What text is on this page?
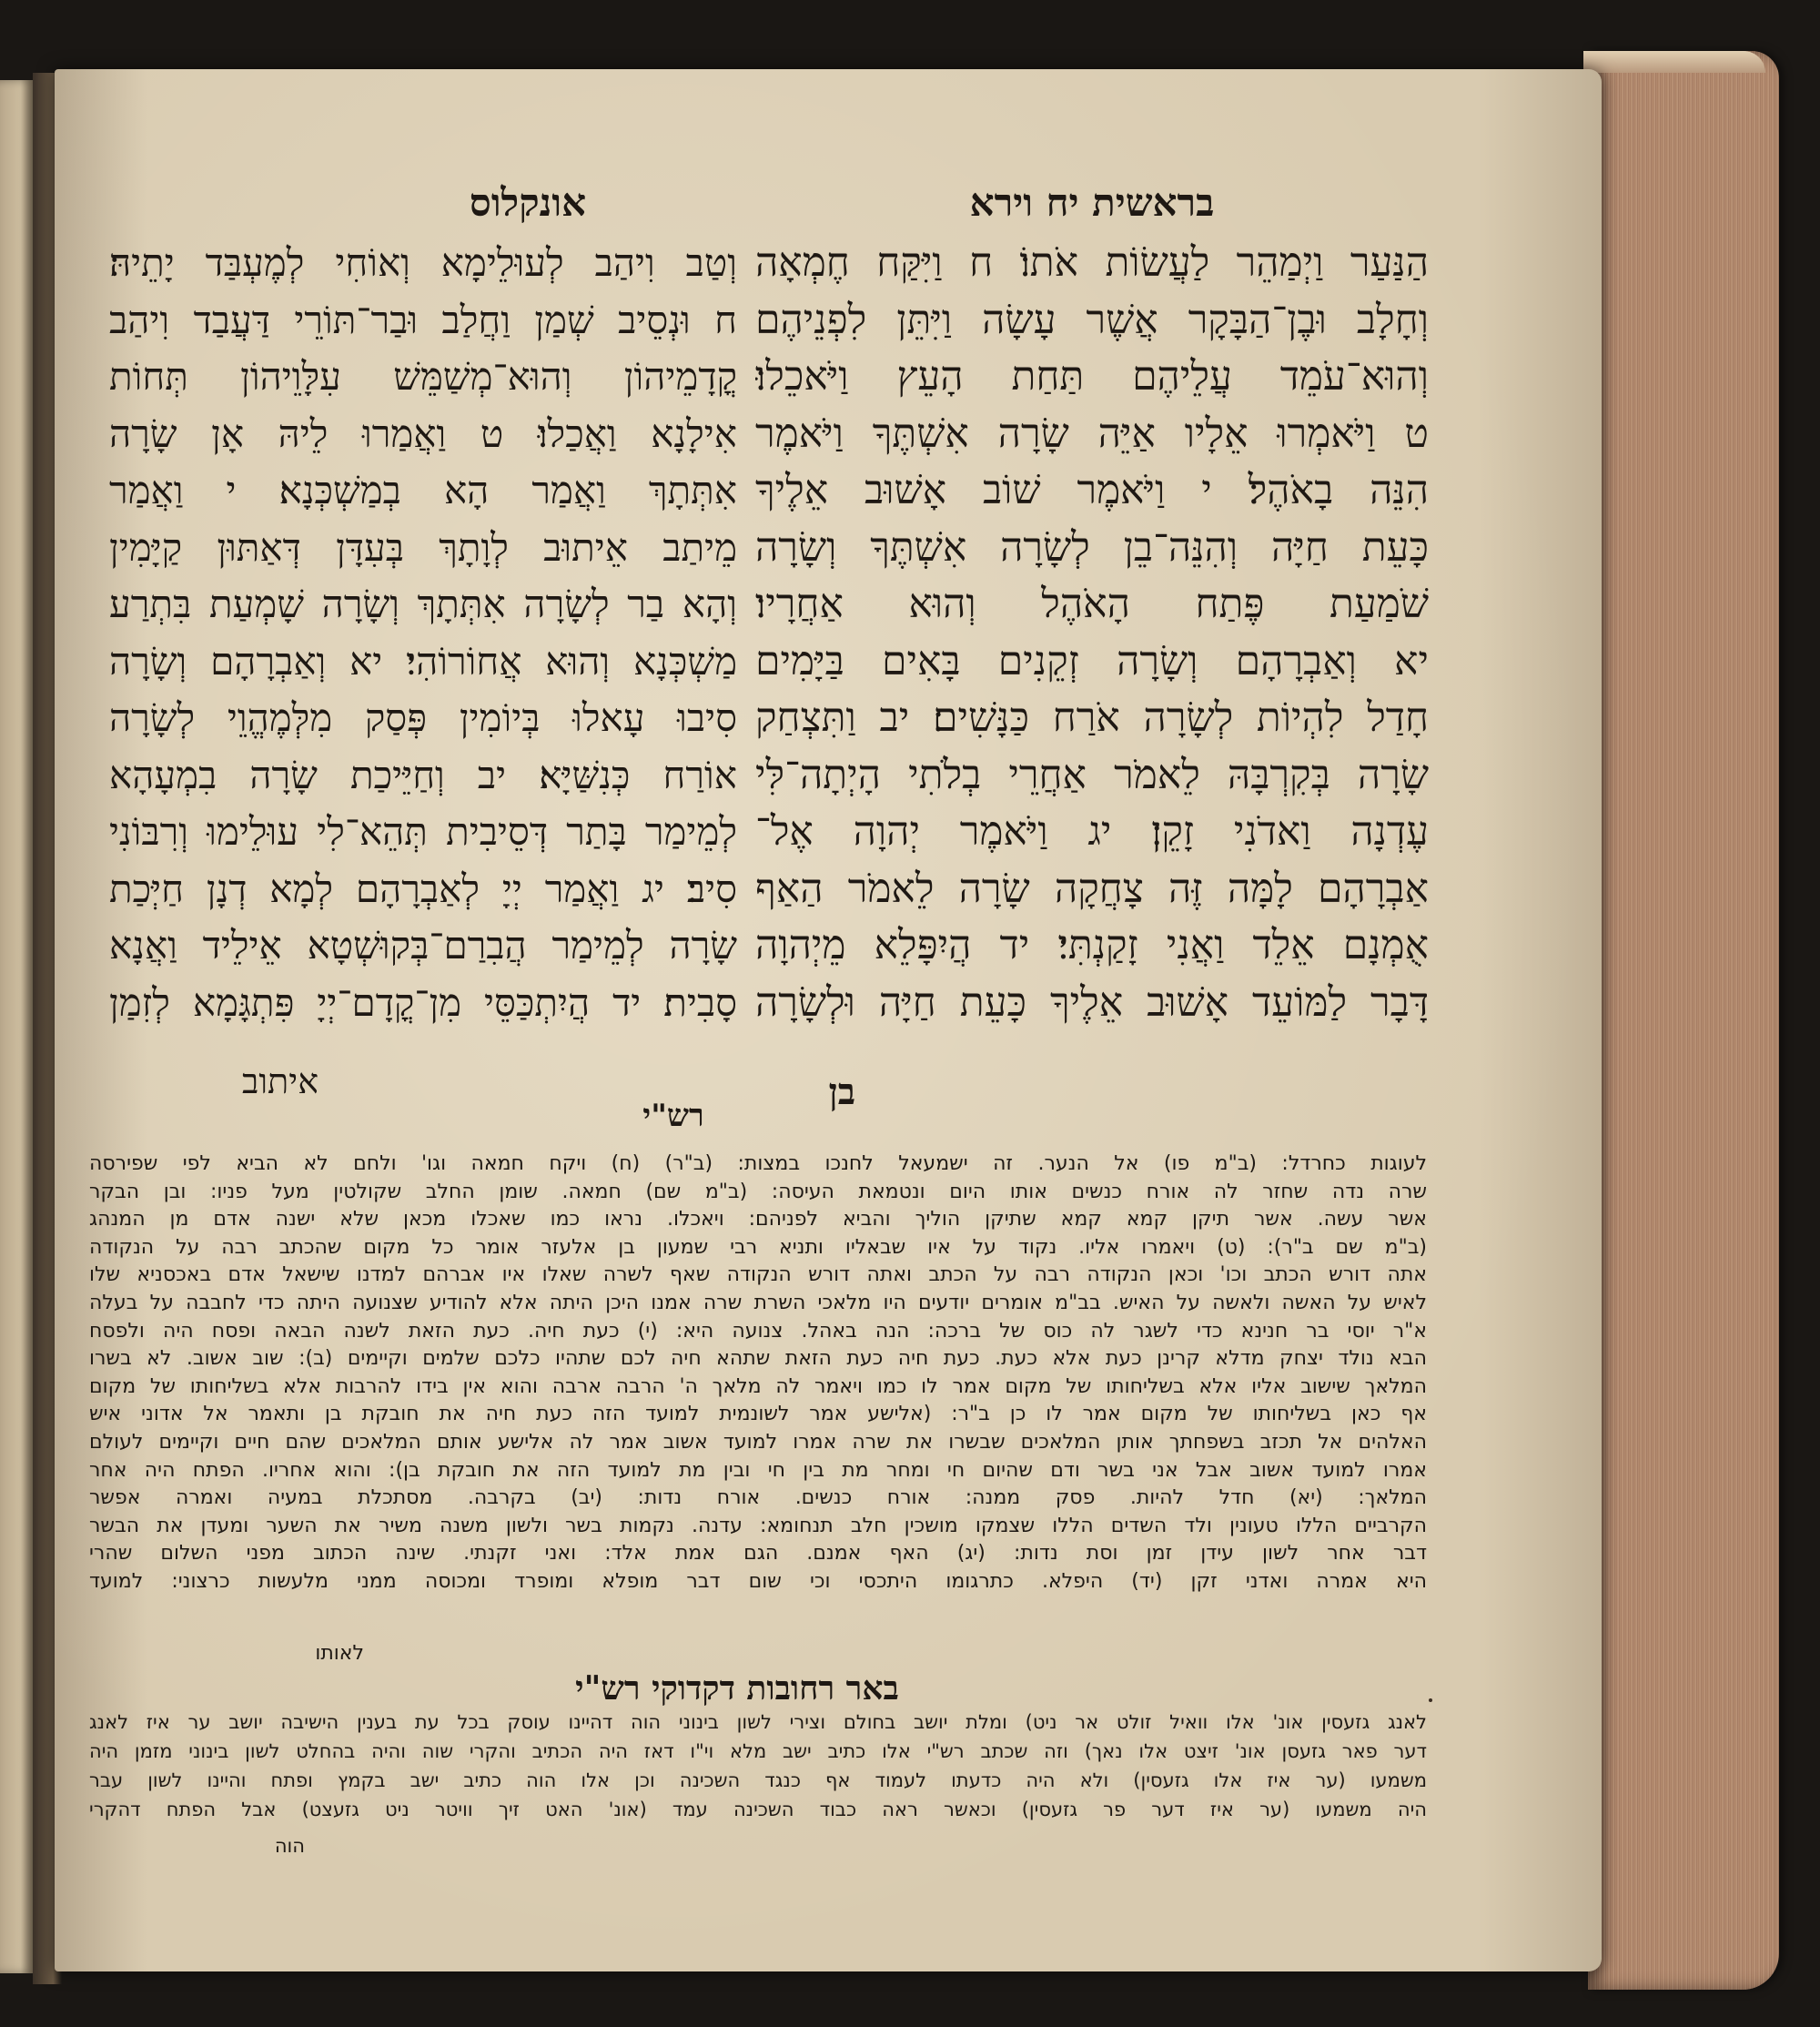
בראשית יח וירא
אונקלוס
הַנַּעַר וַיְמַהֵר לַעֲשׂוֹת אֹתוֹ׃ ח וַיִּקַּח חֶמְאָה
וְחָלָב וּבֶן־הַבָּקָר אֲשֶׁר עָשָׂה וַיִּתֵּן לִפְנֵיהֶם
וְהוּא־עֹמֵד עֲלֵיהֶם תַּחַת הָעֵץ וַיֹּאכֵלוּ׃
ט וַיֹּאמְרוּ אֵלָיו אַיֵּה שָׂרָה אִשְׁתֶּךָ וַיֹּאמֶר
הִנֵּה בָאֹהֶל׃ י וַיֹּאמֶר שׁוֹב אָשׁוּב אֵלֶיךָ
כָּעֵת חַיָּה וְהִנֵּה־בֵן לְשָׂרָה אִשְׁתֶּךָ וְשָׂרָה
שֹׁמַעַת פֶּתַח הָאֹהֶל וְהוּא אַחֲרָיו׃
יא וְאַבְרָהָם וְשָׂרָה זְקֵנִים בָּאִים בַּיָּמִים
חָדַל לִהְיוֹת לְשָׂרָה אֹרַח כַּנָּשִׁים׃ יב וַתִּצְחַק
שָׂרָה בְּקִרְבָּהּ לֵאמֹר אַחֲרֵי בְלֹתִי הָיְתָה־לִּי
עֶדְנָה וַאדֹנִי זָקֵן׃ יג וַיֹּאמֶר יְהוָה אֶל־
אַבְרָהָם לָמָּה זֶּה צָחֲקָה שָׂרָה לֵאמֹר הַאַף
אֻמְנָם אֵלֵד וַאֲנִי זָקַנְתִּי׃ יד הֲיִפָּלֵא מֵיְהוָה
דָּבָר לַמּוֹעֵד אָשׁוּב אֵלֶיךָ כָּעֵת חַיָּה וּלְשָׂרָה
בן
וְטַב וִיהַב לְעוּלֵימָא וְאוֹחִי לְמֶעְבַּד יָתֵיהּ׃
ח וּנְסֵיב שְׁמַן וַחֲלַב וּבַר־תּוֹרֵי דַּעֲבַד וִיהַב
קֳדָמֵיהוֹן וְהוּא־מְשַׁמֵּשׁ עִלָּוֵיהוֹן תְּחוֹת
אִילָנָא וַאֲכַלוּ׃ ט וַאֲמַרוּ לֵיהּ אָן שָׂרָה
אִתְּתָךְ וַאֲמַר הָא בְמַשְׁכְּנָא׃ י וַאֲמַר
מֵיתַב אֵיתוּב לְוָתָךְ בְּעִדָּן דְּאַתּוּן קַיָּמִין
וְהָא בַר לְשָׂרָה אִתְּתָךְ וְשָׂרָה שָׁמְעַת בִּתְרַע
מַשְׁכְּנָא וְהוּא אֲחוֹרוֹהִי׃ יא וְאַבְרָהָם וְשָׂרָה
סִיבוּ עָאלוּ בְּיוֹמִין פְּסַק מִלְּמֶהֱוֵי לְשָׂרָה
אוֹרַח כְּנִשַּׁיָּא׃ יב וְחַיֵּיכַת שָׂרָה בִמְעָהָא
לְמֵימַר בָּתַר דְּסֵיבִית תְּהֵא־לִי עוּלֵימוּ וְרִבּוֹנִי
סִיב׃ יג וַאֲמַר יְיָ לְאַבְרָהָם לְמָא דְנָן חַיְּכַת
שָׂרָה לְמֵימַר הֲבִרַם־בְּקוּשְׁטָא אֵילֵיד וַאֲנָא
סָבִית׃ יד הֲיִתְכַּסֵּי מִן־קֳדָם־יְיָ פִּתְגָּמָא לְזִמַן
איתוב
רש"י
לעוגות כחרדל: (ב"מ פו) אל הנער. זה ישמעאל לחנכו במצות: (ב"ר) (ח) ויקח חמאה וגו' ולחם לא הביא לפי שפירסה
שרה נדה שחזר לה אורח כנשים אותו היום ונטמאת העיסה: (ב"מ שם) חמאה. שומן החלב שקולטין מעל פניו: ובן הבקר
אשר עשה. אשר תיקן קמא קמא שתיקן הוליך והביא לפניהם: ויאכלו. נראו כמו שאכלו מכאן שלא ישנה אדם מן המנהג
(ב"מ שם ב"ר): (ט) ויאמרו אליו. נקוד על איו שבאליו ותניא רבי שמעון בן אלעזר אומר כל מקום שהכתב רבה על הנקודה
אתה דורש הכתב וכו' וכאן הנקודה רבה על הכתב ואתה דורש הנקודה שאף לשרה שאלו איו אברהם למדנו שישאל אדם באכסניא שלו
לאיש על האשה ולאשה על האיש. בב"מ אומרים יודעים היו מלאכי השרת שרה אמנו היכן היתה אלא להודיע שצנועה היתה כדי לחבבה על בעלה
א"ר יוסי בר חנינא כדי לשגר לה כוס של ברכה: הנה באהל. צנועה היא: (י) כעת חיה. כעת הזאת לשנה הבאה ופסח היה ולפסח
הבא נולד יצחק מדלא קרינן כעת אלא כעת. כעת חיה כעת הזאת שתהא חיה לכם שתהיו כלכם שלמים וקיימים (ב): שוב אשוב. לא בשרו
המלאך שישוב אליו אלא בשליחותו של מקום אמר לו כמו ויאמר לה מלאך ה' הרבה ארבה והוא אין בידו להרבות אלא בשליחותו של מקום
אף כאן בשליחותו של מקום אמר לו כן ב"ר: (אלישע אמר לשונמית למועד הזה כעת חיה את חובקת בן ותאמר אל אדוני איש
האלהים אל תכזב בשפחתך אותן המלאכים שבשרו את שרה אמרו למועד אשוב אמר לה אלישע אותם המלאכים שהם חיים וקיימים לעולם
אמרו למועד אשוב אבל אני בשר ודם שהיום חי ומחר מת בין חי ובין מת למועד הזה את חובקת בן): והוא אחריו. הפתח היה אחר
המלאך: (יא) חדל להיות. פסק ממנה: אורח כנשים. אורח נדות: (יב) בקרבה. מסתכלת במעיה ואמרה אפשר
הקרביים הללו טעונין ולד השדים הללו שצמקו מושכין חלב תנחומא: עדנה. נקמות בשר ולשון משנה משיר את השער ומעדן את הבשר
דבר אחר לשון עידן זמן וסת נדות: (יג) האף אמנם. הגם אמת אלד: ואני זקנתי. שינה הכתוב מפני השלום שהרי
היא אמרה ואדני זקן (יד) היפלא. כתרגומו היתכסי וכי שום דבר מופלא ומופרד ומכוסה ממני מלעשות כרצוני: למועד
לאותו
באר רחובות דקדוקי רש"י
לאנג גזעסין אונ' אלו וואיל זולט אר ניט) ומלת יושב בחולם וצירי לשון בינוני הוה דהיינו עוסק בכל עת בענין הישיבה יושב ער איז לאנג
דער פאר גזעסן אונ' זיצט אלו נאך) וזה שכתב רש"י אלו כתיב ישב מלא וי"ו דאז היה הכתיב והקרי שוה והיה בהחלט לשון בינוני מזמן היה
משמעו (ער איז אלו גזעסין) ולא היה כדעתו לעמוד אף כנגד השכינה וכן אלו הוה כתיב ישב בקמץ ופתח והיינו לשון עבר
היה משמעו (ער איז דער פר גזעסין) וכאשר ראה כבוד השכינה עמד (אונ' האט זיך וויטר ניט גזעצט) אבל הפתח דהקרי
הוה
